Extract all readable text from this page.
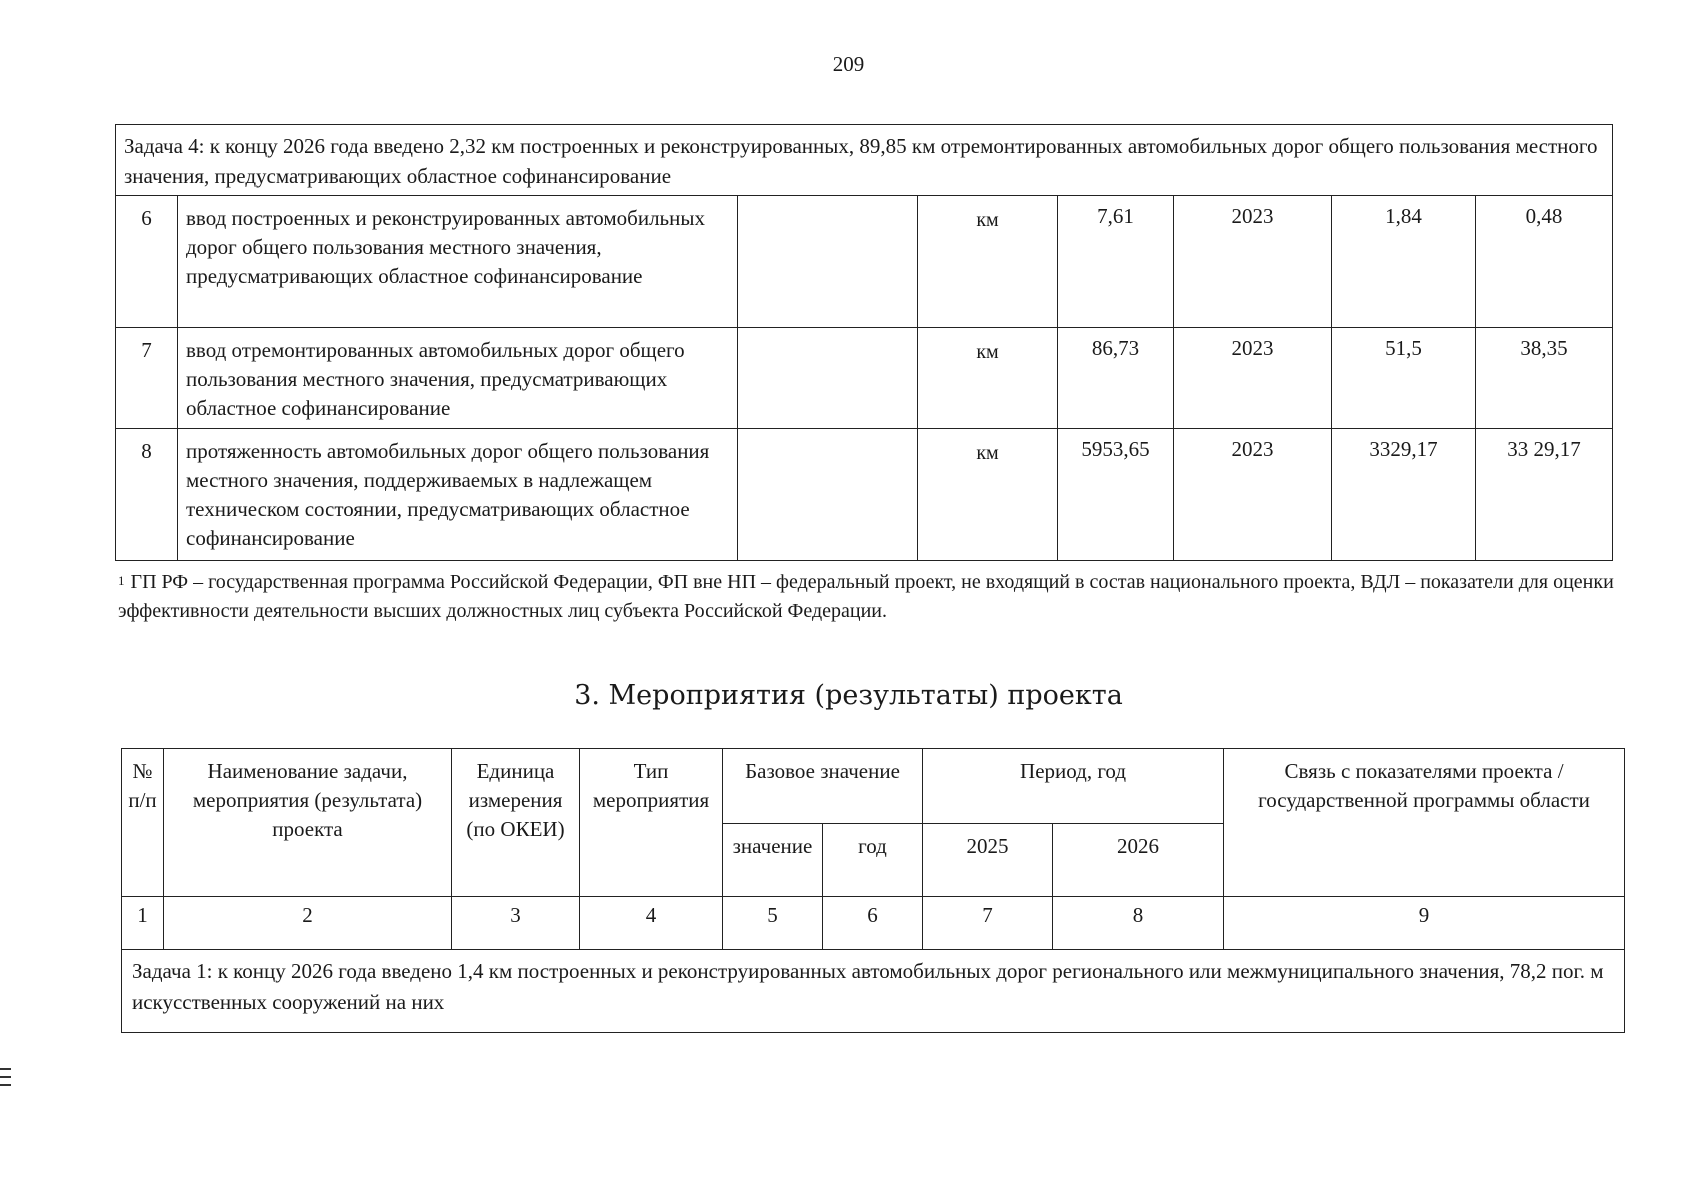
209
Задача 4: к концу 2026 года введено 2,32 км построенных и реконструированных, 89,85 км отремонтированных автомобильных дорог общего пользования местного значения, предусматривающих областное софинансирование							
6	ввод построенных и реконструированных автомобильных дорог общего пользования местного значения, предусматривающих областное софинансирование		км	7,61	2023	1,84	0,48
7	ввод отремонтированных автомобильных дорог общего пользования местного значения, предусматривающих областное софинансирование		км	86,73	2023	51,5	38,35
8	протяженность автомобильных дорог общего пользования местного значения, поддерживаемых в надлежащем техническом состоянии, предусматривающих областное софинансирование		км	5953,65	2023	3329,17	33 29,17
$^1$ ГП РФ – государственная программа Российской Федерации, ФП вне НП – федеральный проект, не входящий в состав национального проекта, ВДЛ – показатели для оценки эффективности деятельности высших должностных лиц субъекта Российской Федерации.
3. Мероприятия (результаты) проекта
№ п/п	Наименование задачи, мероприятия (результата) проекта	Единица измерения (по ОКЕИ)	Тип мероприятия	Базовое значение		Период, год		Связь с показателями проекта / государственной программы области
				значение	год	2025	2026	
1	2	3	4	5	6	7	8	9
Задача 1: к концу 2026 года введено 1,4 км построенных и реконструированных автомобильных дорог регионального или межмуниципального значения, 78,2 пог. м искусственных сооружений на них								
